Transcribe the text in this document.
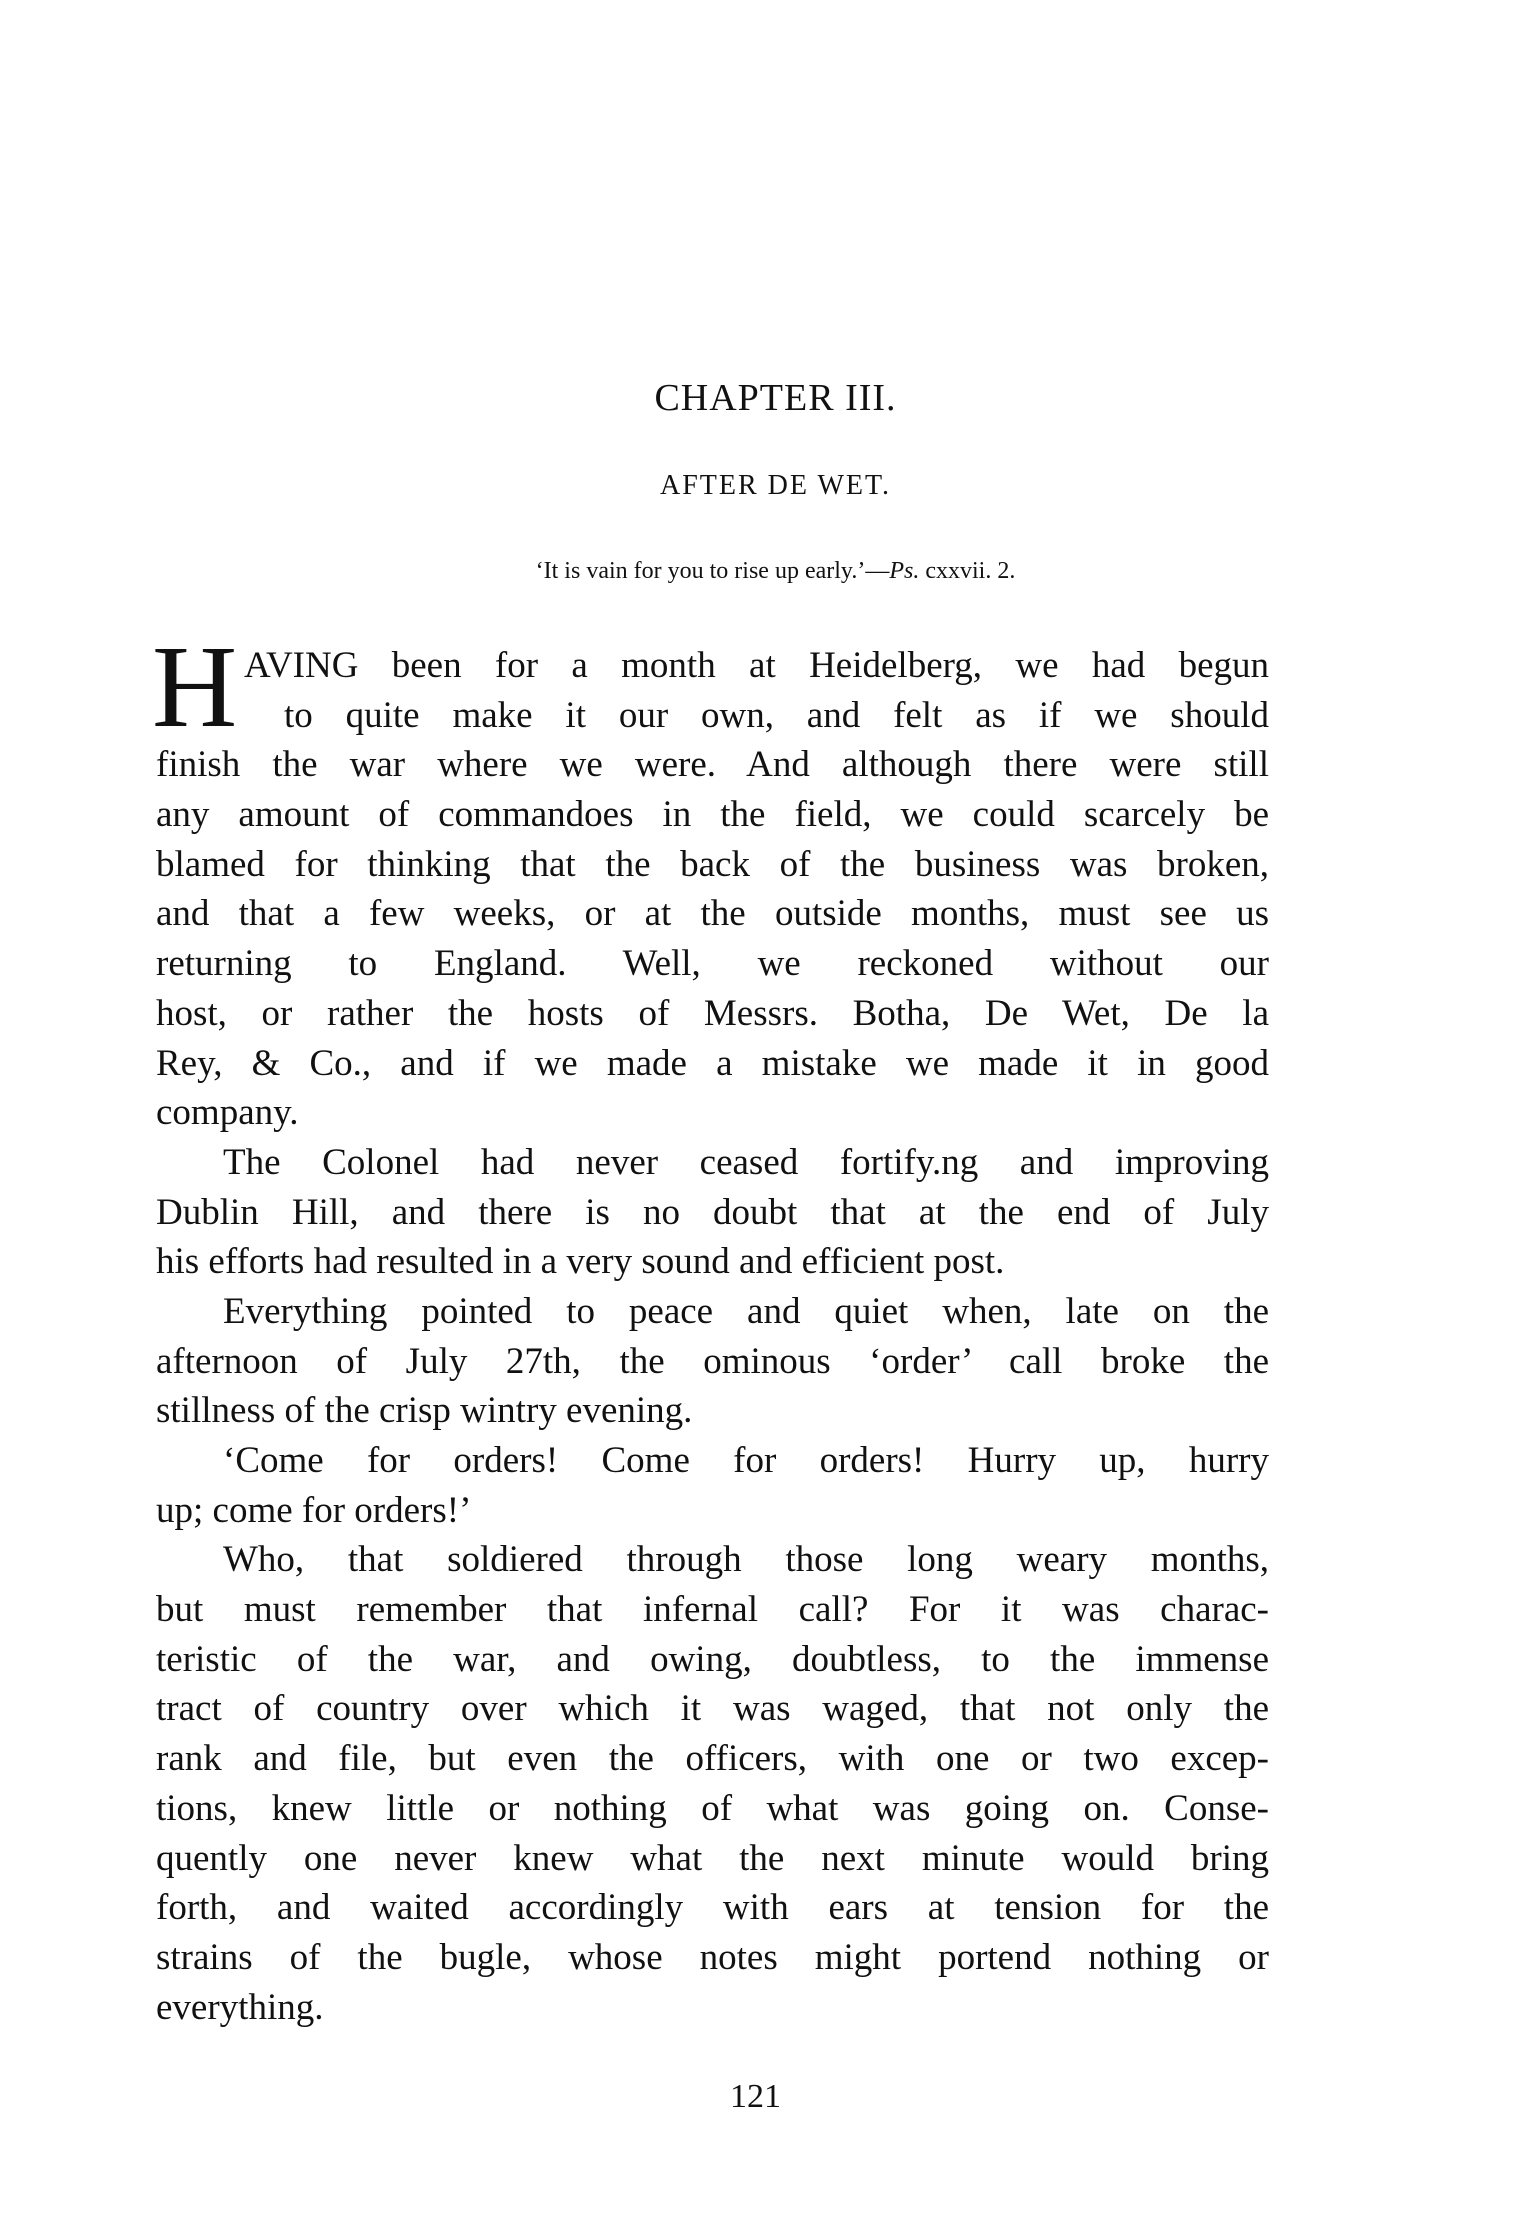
CHAPTER III.
AFTER DE WET.
‘It is vain for you to rise up early.’—Ps. cxxvii. 2.
H AVING been for a month at Heidelberg, we had begun
to quite make it our own, and felt as if we should
finish the war where we were. And although there were still
any amount of commandoes in the field, we could scarcely be
blamed for thinking that the back of the business was broken,
and that a few weeks, or at the outside months, must see us
returning to England. Well, we reckoned without our
host, or rather the hosts of Messrs. Botha, De Wet, De la
Rey, & Co., and if we made a mistake we made it in good
company.
The Colonel had never ceased fortify.ng and improving
Dublin Hill, and there is no doubt that at the end of July
his efforts had resulted in a very sound and efficient post.
Everything pointed to peace and quiet when, late on the
afternoon of July 27th, the ominous ‘order’ call broke the
stillness of the crisp wintry evening.
‘Come for orders! Come for orders! Hurry up, hurry
up; come for orders!’
Who, that soldiered through those long weary months,
but must remember that infernal call? For it was charac-
teristic of the war, and owing, doubtless, to the immense
tract of country over which it was waged, that not only the
rank and file, but even the officers, with one or two excep-
tions, knew little or nothing of what was going on. Conse-
quently one never knew what the next minute would bring
forth, and waited accordingly with ears at tension for the
strains of the bugle, whose notes might portend nothing or
everything.
121
